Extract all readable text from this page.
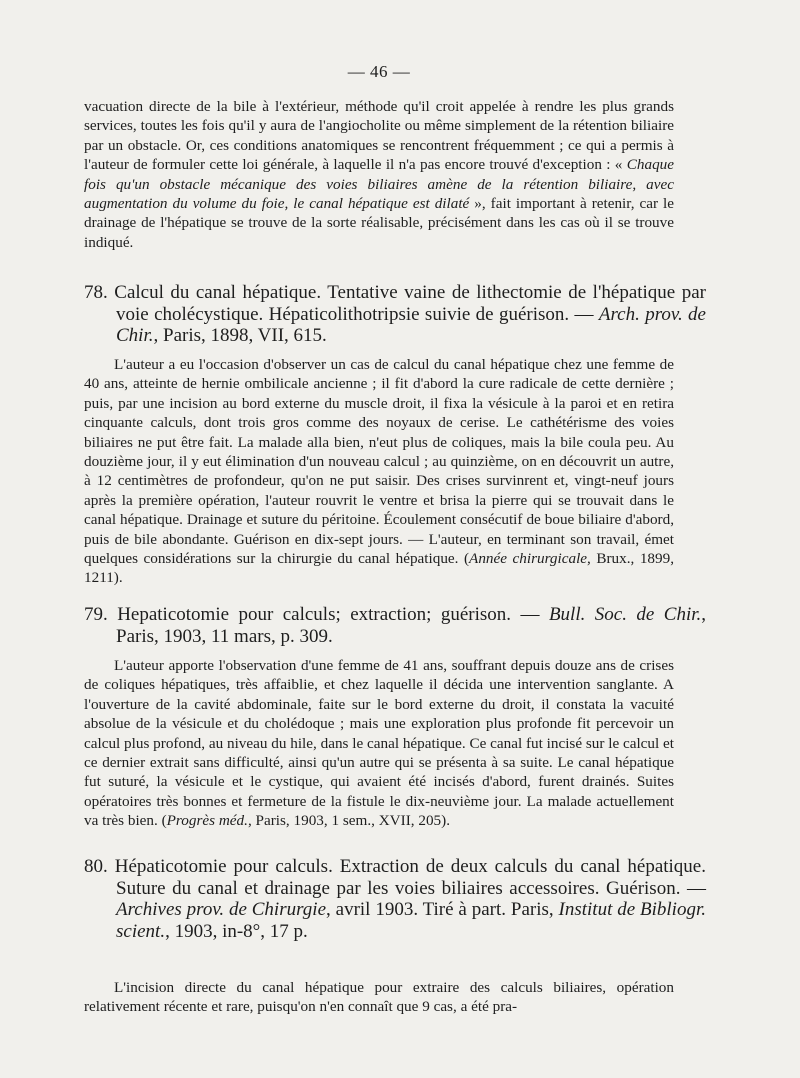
— 46 —

vacuation directe de la bile à l'extérieur, méthode qu'il croit appelée à rendre les plus grands services, toutes les fois qu'il y aura de l'angiocholite ou même simplement de la rétention biliaire par un obstacle. Or, ces conditions anatomiques se rencontrent fréquemment ; ce qui a permis à l'auteur de formuler cette loi générale, à laquelle il n'a pas encore trouvé d'exception : « Chaque fois qu'un obstacle mécanique des voies biliaires amène de la rétention biliaire, avec augmentation du volume du foie, le canal hépatique est dilaté », fait important à retenir, car le drainage de l'hépatique se trouve de la sorte réalisable, précisément dans les cas où il se trouve indiqué.

78. Calcul du canal hépatique. Tentative vaine de lithectomie de l'hépatique par voie cholécystique. Hépaticolithotripsie suivie de guérison. — Arch. prov. de Chir., Paris, 1898, VII, 615.

L'auteur a eu l'occasion d'observer un cas de calcul du canal hépatique chez une femme de 40 ans, atteinte de hernie ombilicale ancienne ; il fit d'abord la cure radicale de cette dernière ; puis, par une incision au bord externe du muscle droit, il fixa la vésicule à la paroi et en retira cinquante calculs, dont trois gros comme des noyaux de cerise. Le cathétérisme des voies biliaires ne put être fait. La malade alla bien, n'eut plus de coliques, mais la bile coula peu. Au douzième jour, il y eut élimination d'un nouveau calcul ; au quinzième, on en découvrit un autre, à 12 centimètres de profondeur, qu'on ne put saisir. Des crises survinrent et, vingt-neuf jours après la première opération, l'auteur rouvrit le ventre et brisa la pierre qui se trouvait dans le canal hépatique. Drainage et suture du péritoine. Écoulement consécutif de boue biliaire d'abord, puis de bile abondante. Guérison en dix-sept jours. — L'auteur, en terminant son travail, émet quelques considérations sur la chirurgie du canal hépatique. (Année chirurgicale, Brux., 1899, 1211).

79. Hepaticotomie pour calculs; extraction; guérison. — Bull. Soc. de Chir., Paris, 1903, 11 mars, p. 309.

L'auteur apporte l'observation d'une femme de 41 ans, souffrant depuis douze ans de crises de coliques hépatiques, très affaiblie, et chez laquelle il décida une intervention sanglante. A l'ouverture de la cavité abdominale, faite sur le bord externe du droit, il constata la vacuité absolue de la vésicule et du cholédoque ; mais une exploration plus profonde fit percevoir un calcul plus profond, au niveau du hile, dans le canal hépatique. Ce canal fut incisé sur le calcul et ce dernier extrait sans difficulté, ainsi qu'un autre qui se présenta à sa suite. Le canal hépatique fut suturé, la vésicule et le cystique, qui avaient été incisés d'abord, furent drainés. Suites opératoires très bonnes et fermeture de la fistule le dix-neuvième jour. La malade actuellement va très bien. (Progrès méd., Paris, 1903, 1 sem., XVII, 205).

80. Hépaticotomie pour calculs. Extraction de deux calculs du canal hépatique. Suture du canal et drainage par les voies biliaires accessoires. Guérison. — Archives prov. de Chirurgie, avril 1903. Tiré à part. Paris, Institut de Bibliogr. scient., 1903, in-8°, 17 p.

L'incision directe du canal hépatique pour extraire des calculs biliaires, opération relativement récente et rare, puisqu'on n'en connaît que 9 cas, a été pra-
